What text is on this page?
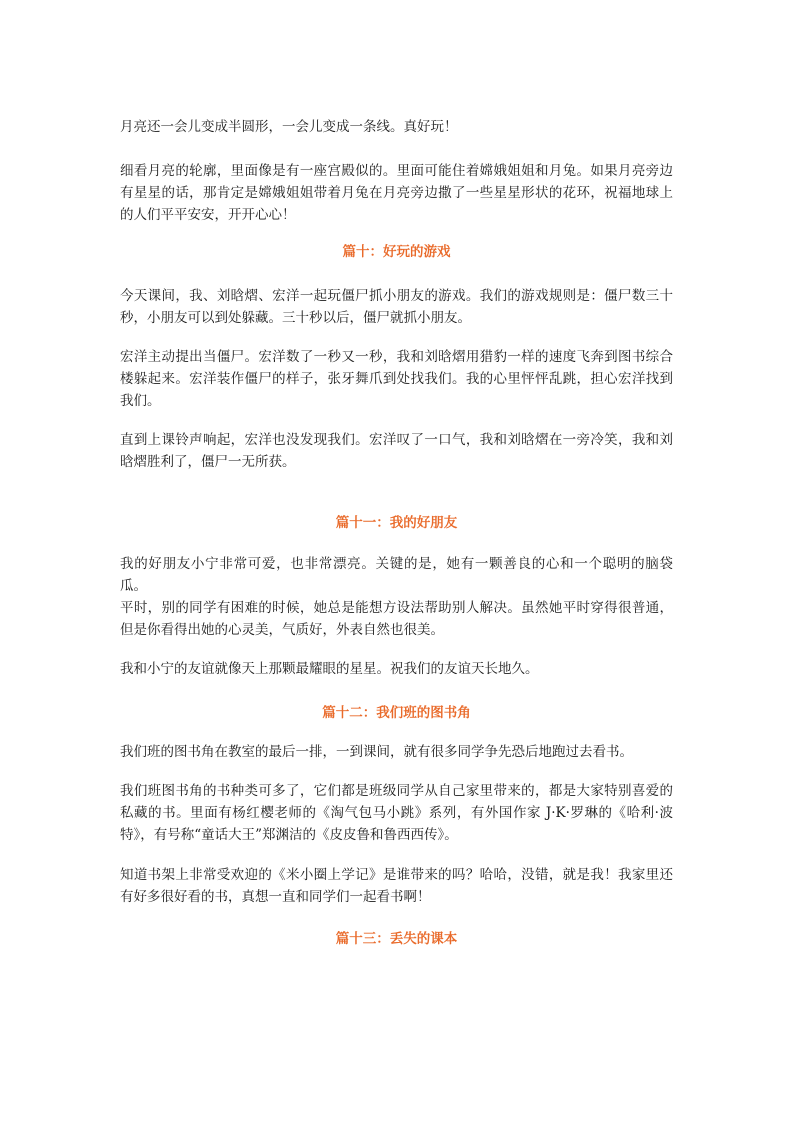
月亮还一会儿变成半圆形，一会儿变成一条线。真好玩！

细看月亮的轮廓，里面像是有一座宫殿似的。里面可能住着嫦娥姐姐和月兔。如果月亮旁边有星星的话，那肯定是嫦娥姐姐带着月兔在月亮旁边撒了一些星星形状的花环，祝福地球上的人们平平安安，开开心心！

篇十：好玩的游戏

今天课间，我、刘晗熠、宏洋一起玩僵尸抓小朋友的游戏。我们的游戏规则是：僵尸数三十秒，小朋友可以到处躲藏。三十秒以后，僵尸就抓小朋友。

宏洋主动提出当僵尸。宏洋数了一秒又一秒，我和刘晗熠用猎豹一样的速度飞奔到图书综合楼躲起来。宏洋装作僵尸的样子，张牙舞爪到处找我们。我的心里怦怦乱跳，担心宏洋找到我们。

直到上课铃声响起，宏洋也没发现我们。宏洋叹了一口气，我和刘晗熠在一旁冷笑，我和刘晗熠胜利了，僵尸一无所获。

篇十一：我的好朋友

我的好朋友小宁非常可爱，也非常漂亮。关键的是，她有一颗善良的心和一个聪明的脑袋瓜。

平时，别的同学有困难的时候，她总是能想方设法帮助别人解决。虽然她平时穿得很普通，但是你看得出她的心灵美，气质好，外表自然也很美。

我和小宁的友谊就像天上那颗最耀眼的星星。祝我们的友谊天长地久。

篇十二：我们班的图书角

我们班的图书角在教室的最后一排，一到课间，就有很多同学争先恐后地跑过去看书。

我们班图书角的书种类可多了，它们都是班级同学从自己家里带来的，都是大家特别喜爱的私藏的书。里面有杨红樱老师的《淘气包马小跳》系列，有外国作家 J·K·罗琳的《哈利·波特》，有号称“童话大王”郑渊洁的《皮皮鲁和鲁西西传》。

知道书架上非常受欢迎的《米小圈上学记》是谁带来的吗？哈哈，没错，就是我！我家里还有好多很好看的书，真想一直和同学们一起看书啊！

篇十三：丢失的课本
